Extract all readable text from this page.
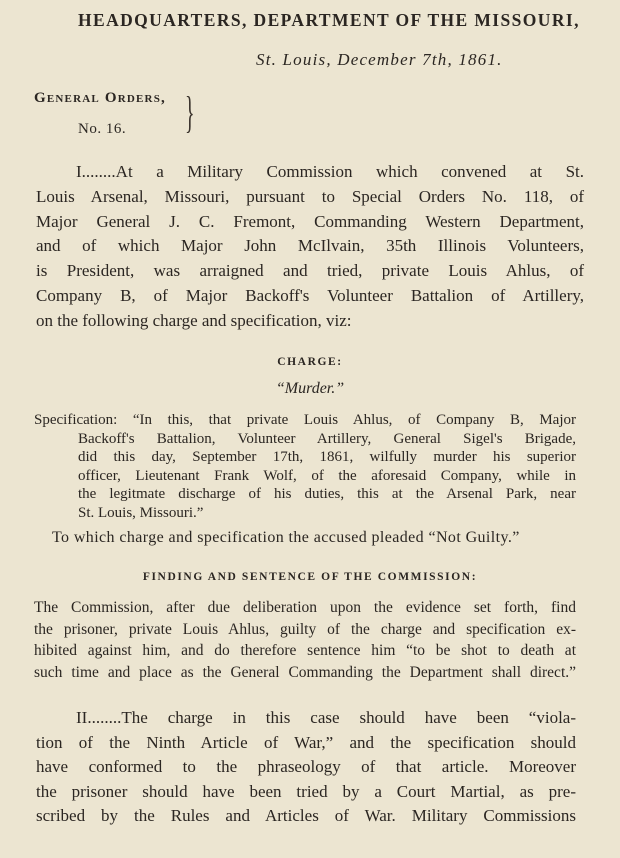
HEADQUARTERS, DEPARTMENT OF THE MISSOURI,
St. Louis, December 7th, 1861.
General Orders,
No. 16. }
I........At a Military Commission which convened at St.
Louis Arsenal, Missouri, pursuant to Special Orders No. 118, of
Major General J. C. Fremont, Commanding Western Department,
and of which Major John McIlvain, 35th Illinois Volunteers,
is President, was arraigned and tried, private Louis Ahlus, of
Company B, of Major Backoff's Volunteer Battalion of Artillery,
on the following charge and specification, viz:
CHARGE:
“Murder.”
Specification: “In this, that private Louis Ahlus, of Company B, Major
Backoff's Battalion, Volunteer Artillery, General Sigel's Brigade,
did this day, September 17th, 1861, wilfully murder his superior
officer, Lieutenant Frank Wolf, of the aforesaid Company, while in
the legitmate discharge of his duties, this at the Arsenal Park, near
St. Louis, Missouri.”
To which charge and specification the accused pleaded “Not Guilty.”
FINDING AND SENTENCE OF THE COMMISSION:
The Commission, after due deliberation upon the evidence set forth, find
the prisoner, private Louis Ahlus, guilty of the charge and specification ex-
hibited against him, and do therefore sentence him “to be shot to death at
such time and place as the General Commanding the Department shall direct.”
II........The charge in this case should have been “viola-
tion of the Ninth Article of War,” and the specification should
have conformed to the phraseology of that article. Moreover
the prisoner should have been tried by a Court Martial, as pre-
scribed by the Rules and Articles of War. Military Commissions
